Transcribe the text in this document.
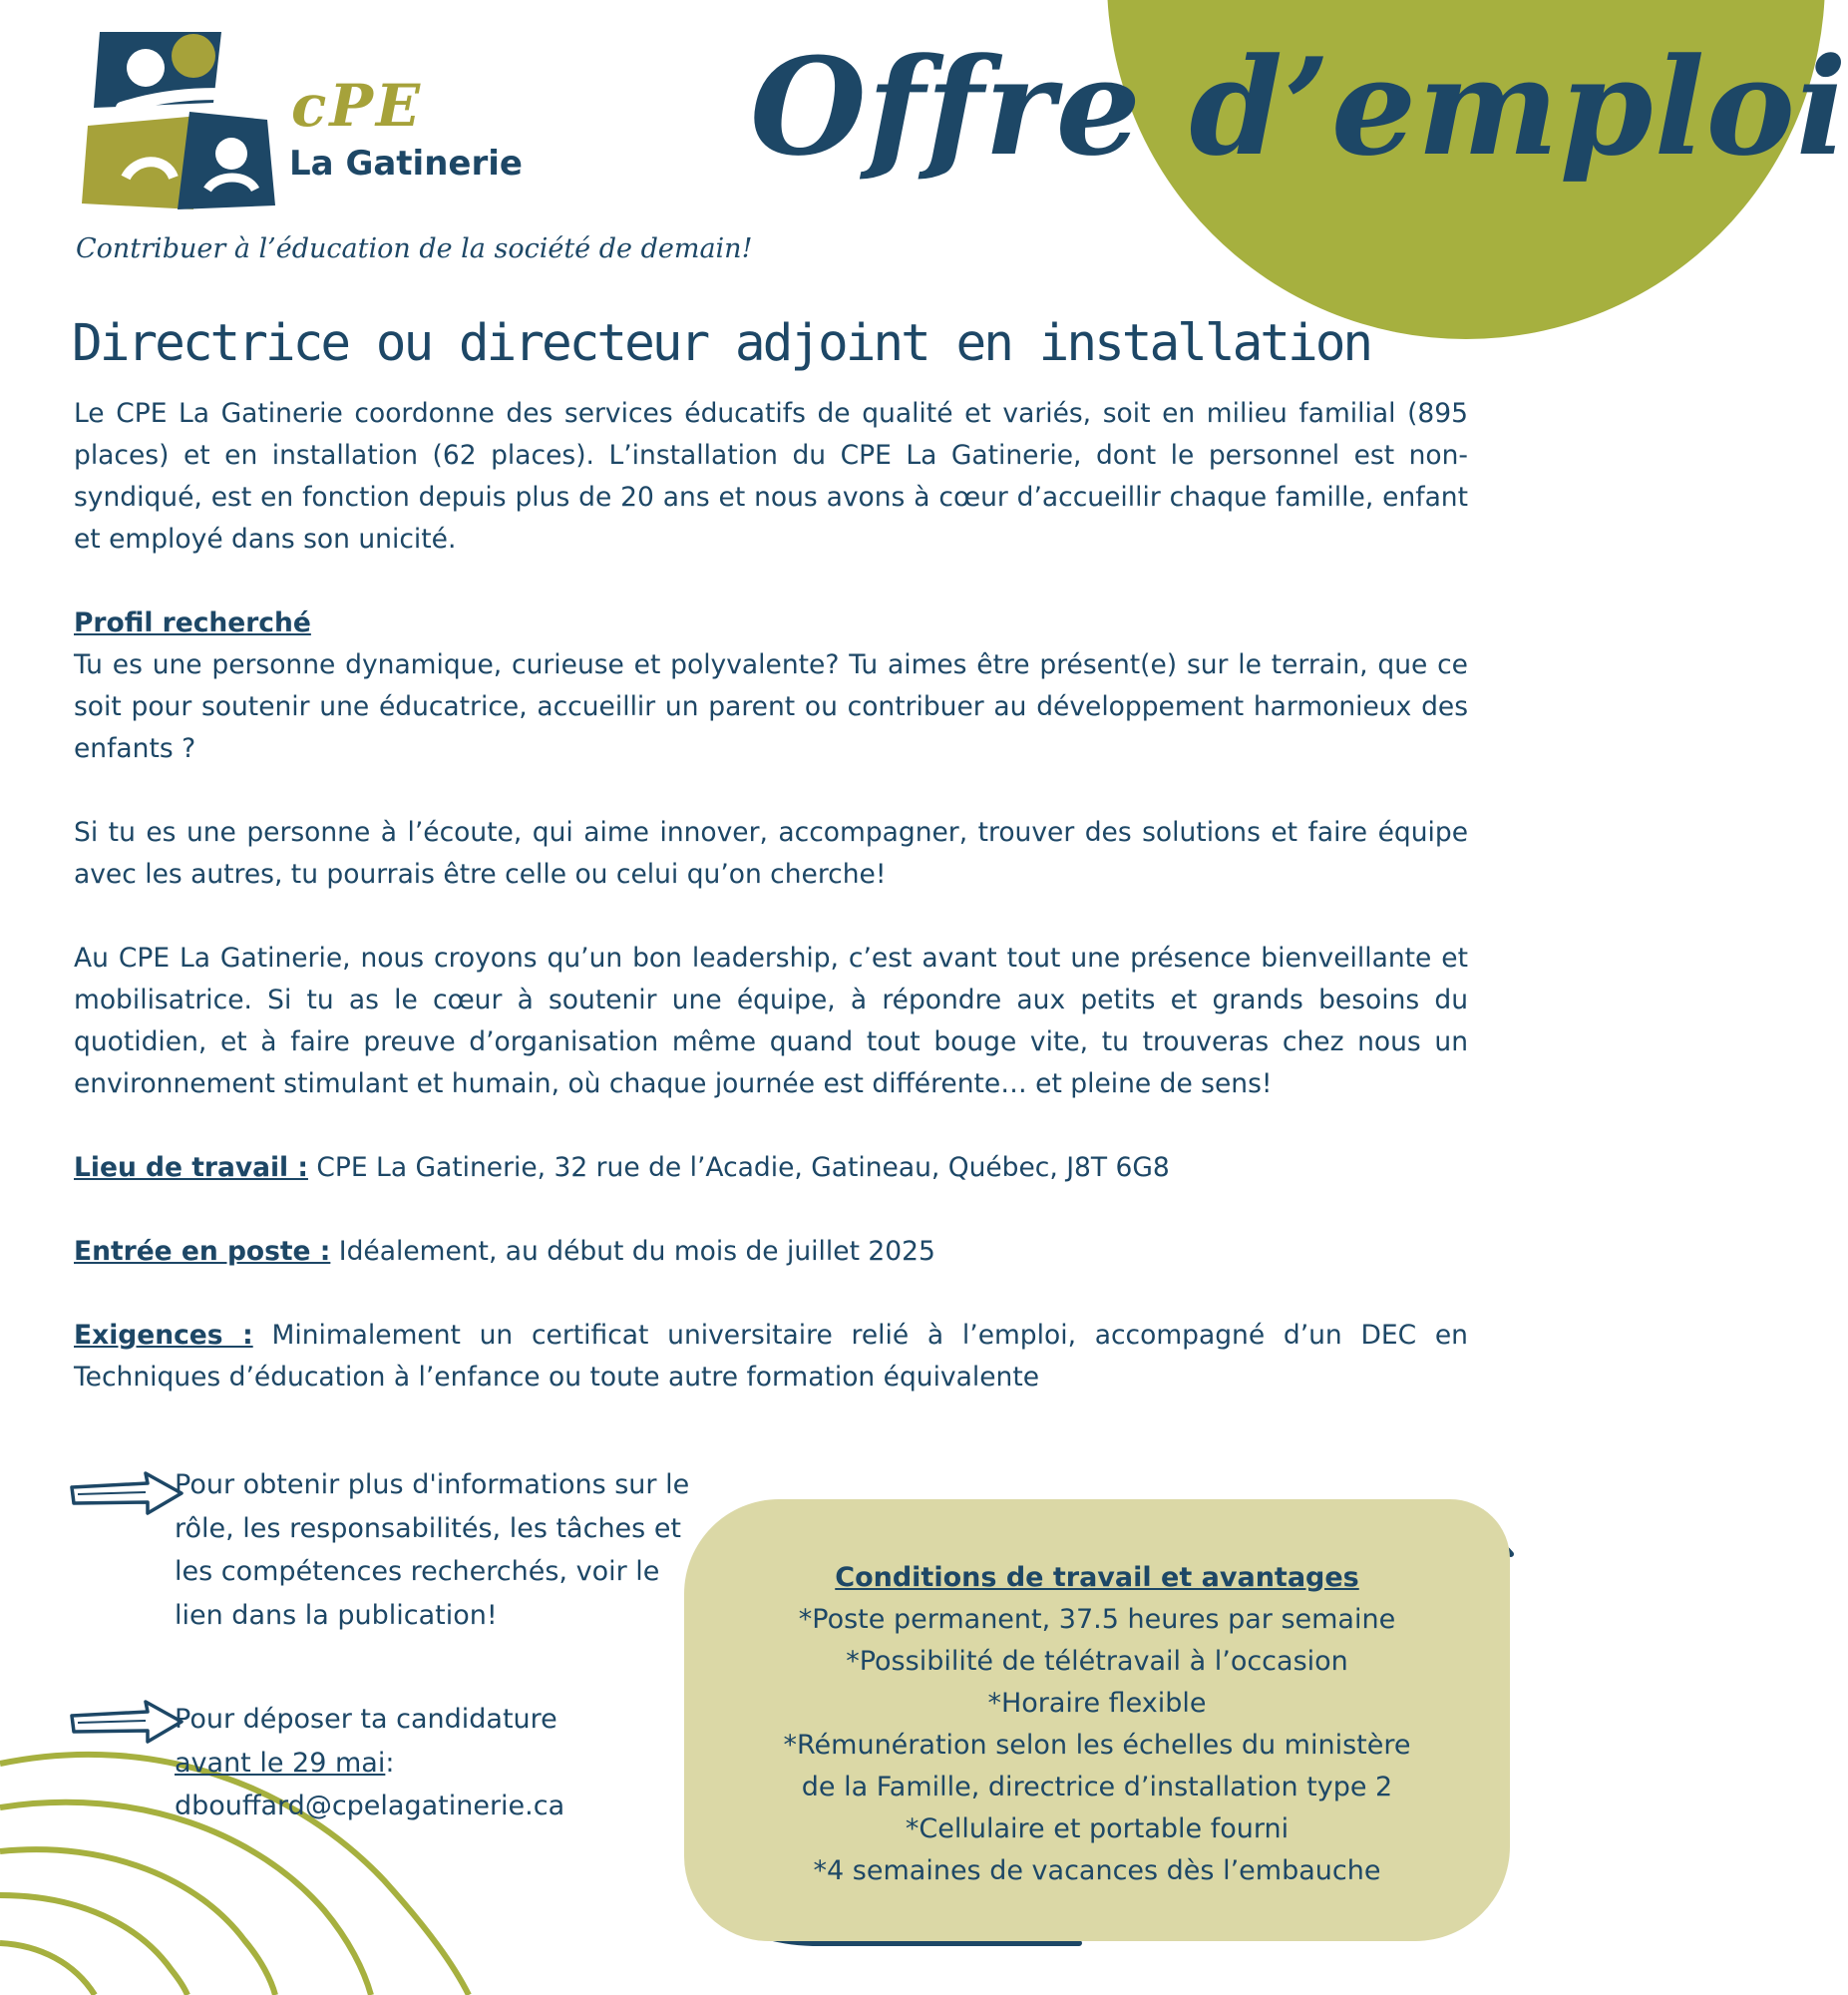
cPE
La Gatinerie Offre d’emploi
Contribuer à l’éducation de la société de demain!
Directrice ou directeur adjoint en installation

Le CPE La Gatinerie coordonne des services éducatifs de qualité et variés, soit en milieu familial (895 places) et en installation (62 places). L’installation du CPE La Gatinerie, dont le personnel est non-syndiqué, est en fonction depuis plus de 20 ans et nous avons à cœur d’accueillir chaque famille, enfant et employé dans son unicité.

Profil recherché

Tu es une personne dynamique, curieuse et polyvalente? Tu aimes être présent(e) sur le terrain, que ce soit pour soutenir une éducatrice, accueillir un parent ou contribuer au développement harmonieux des enfants ?

Si tu es une personne à l’écoute, qui aime innover, accompagner, trouver des solutions et faire équipe avec les autres, tu pourrais être celle ou celui qu’on cherche!

Au CPE La Gatinerie, nous croyons qu’un bon leadership, c’est avant tout une présence bienveillante et mobilisatrice. Si tu as le cœur à soutenir une équipe, à répondre aux petits et grands besoins du quotidien, et à faire preuve d’organisation même quand tout bouge vite, tu trouveras chez nous un environnement stimulant et humain, où chaque journée est différente… et pleine de sens!

Lieu de travail : CPE La Gatinerie, 32 rue de l’Acadie, Gatineau, Québec, J8T 6G8

Entrée en poste : Idéalement, au début du mois de juillet 2025

Exigences : Minimalement un certificat universitaire relié à l’emploi, accompagné d’un DEC en Techniques d’éducation à l’enfance ou toute autre formation équivalente

Pour obtenir plus d'informations sur le rôle, les responsabilités, les tâches et les compétences recherchés, voir le lien dans la publication!

Pour déposer ta candidature

avant le 29 mai:

dbouffard@cpelagatinerie.ca

Conditions de travail et avantages
*Poste permanent, 37.5 heures par semaine
*Possibilité de télétravail à l’occasion
*Horaire flexible
*Rémunération selon les échelles du ministère
de la Famille, directrice d’installation type 2
*Cellulaire et portable fourni
*4 semaines de vacances dès l’embauche
